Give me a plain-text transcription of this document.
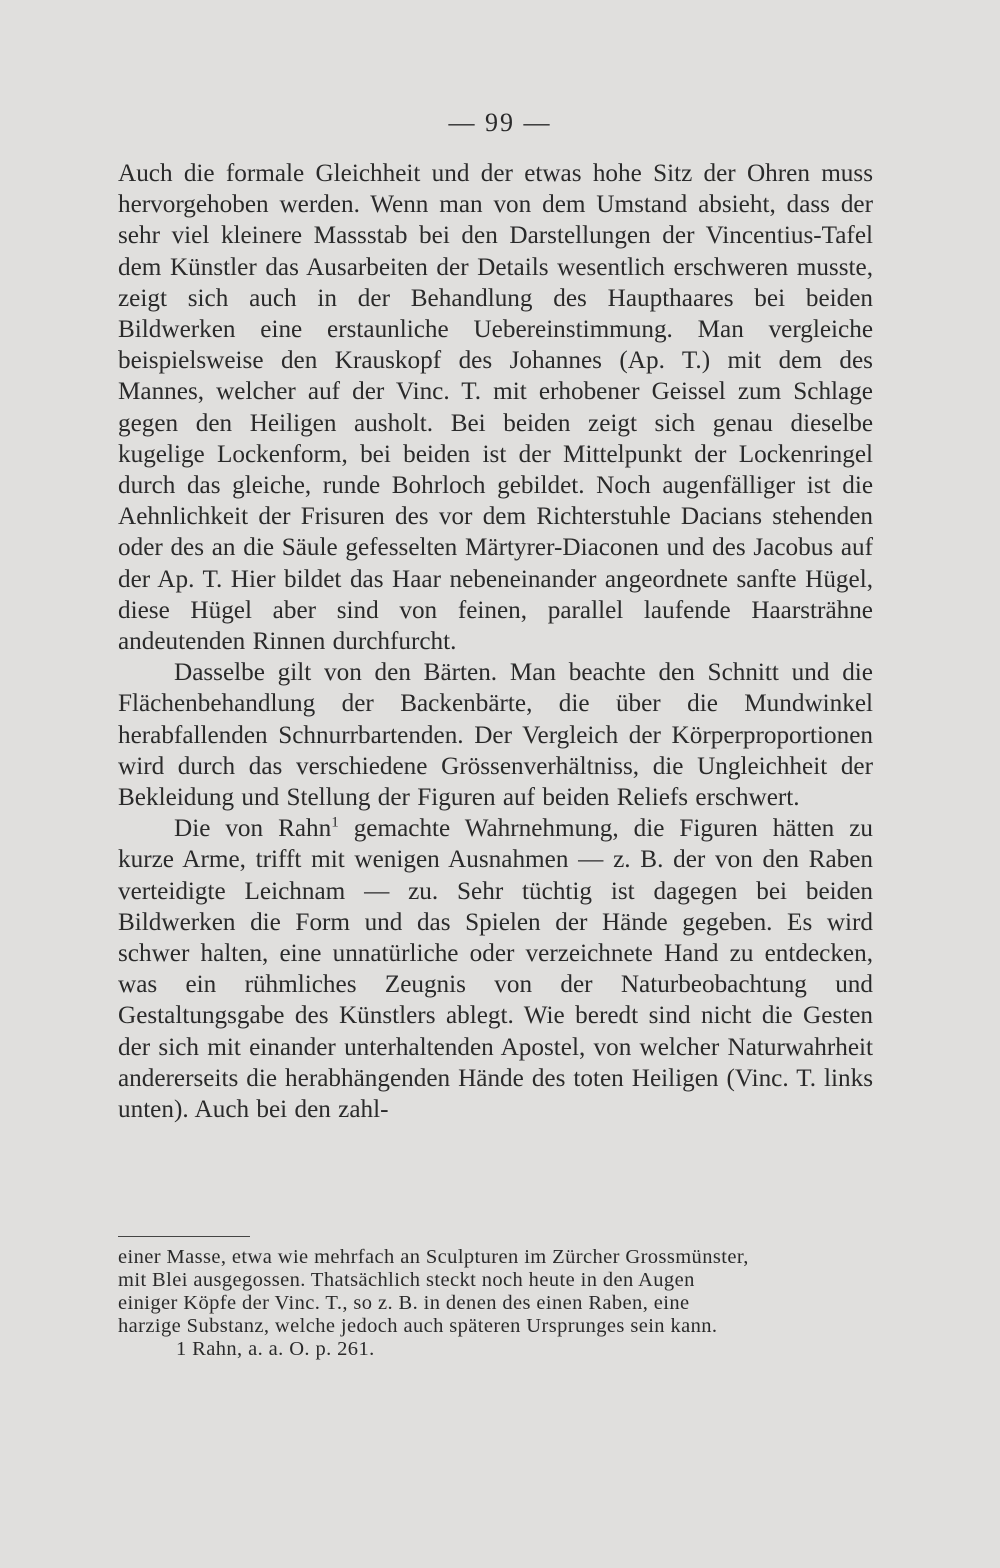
— 99 —

Auch die formale Gleichheit und der etwas hohe Sitz der Ohren muss hervorgehoben werden. Wenn man von dem Umstand absieht, dass der sehr viel kleinere Massstab bei den Darstellungen der Vincentius-Tafel dem Künstler das Ausarbeiten der Details wesentlich erschweren musste, zeigt sich auch in der Behandlung des Haupthaares bei beiden Bildwerken eine erstaunliche Uebereinstimmung. Man vergleiche beispielsweise den Krauskopf des Johannes (Ap. T.) mit dem des Mannes, welcher auf der Vinc. T. mit erhobener Geissel zum Schlage gegen den Heiligen ausholt. Bei beiden zeigt sich genau dieselbe kugelige Lockenform, bei beiden ist der Mittelpunkt der Lockenringel durch das gleiche, runde Bohrloch gebildet. Noch augenfälliger ist die Aehnlichkeit der Frisuren des vor dem Richterstuhle Dacians stehenden oder des an die Säule gefesselten Märtyrer-Diaconen und des Jacobus auf der Ap. T. Hier bildet das Haar nebeneinander angeordnete sanfte Hügel, diese Hügel aber sind von feinen, parallel laufende Haarsträhne andeutenden Rinnen durchfurcht.

Dasselbe gilt von den Bärten. Man beachte den Schnitt und die Flächenbehandlung der Backenbärte, die über die Mundwinkel herabfallenden Schnurrbartenden. Der Vergleich der Körperproportionen wird durch das verschiedene Grössenverhältniss, die Ungleichheit der Bekleidung und Stellung der Figuren auf beiden Reliefs erschwert.

Die von Rahn$^1$ gemachte Wahrnehmung, die Figuren hätten zu kurze Arme, trifft mit wenigen Ausnahmen — z. B. der von den Raben verteidigte Leichnam — zu. Sehr tüchtig ist dagegen bei beiden Bildwerken die Form und das Spielen der Hände gegeben. Es wird schwer halten, eine unnatürliche oder verzeichnete Hand zu entdecken, was ein rühmliches Zeugnis von der Naturbeobachtung und Gestaltungsgabe des Künstlers ablegt. Wie beredt sind nicht die Gesten der sich mit einander unterhaltenden Apostel, von welcher Naturwahrheit andererseits die herabhängenden Hände des toten Heiligen (Vinc. T. links unten). Auch bei den zahl-

einer Masse, etwa wie mehrfach an Sculpturen im Zürcher Grossmünster,
mit Blei ausgegossen. Thatsächlich steckt noch heute in den Augen
einiger Köpfe der Vinc. T., so z. B. in denen des einen Raben, eine
harzige Substanz, welche jedoch auch späteren Ursprunges sein kann.
1 Rahn, a. a. O. p. 261.
